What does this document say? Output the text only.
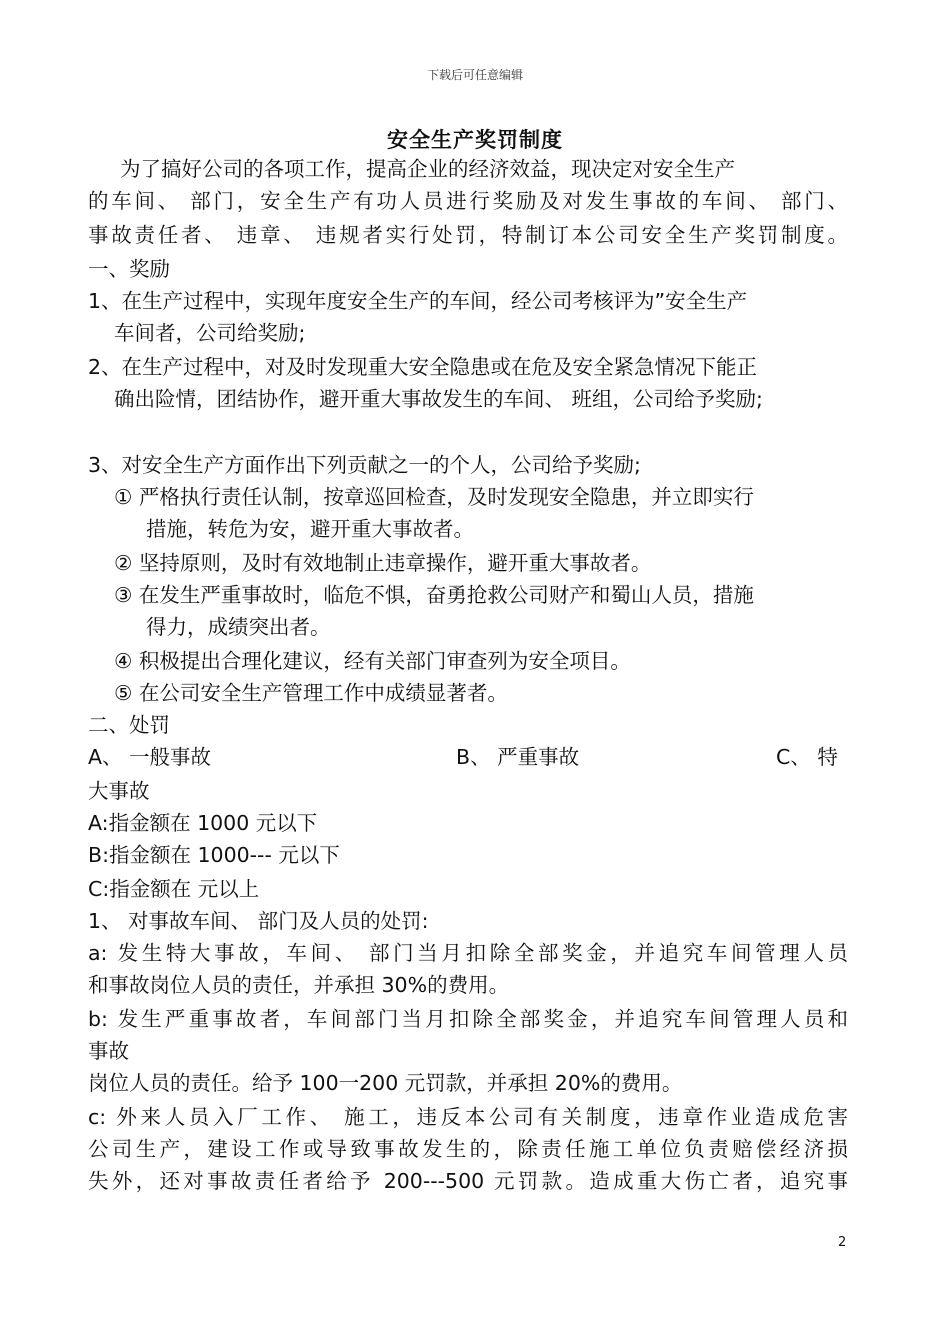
下载后可任意编辑
安全生产奖罚制度
为了搞好公司的各项工作，提高企业的经济效益，现决定对安全生产
的车间、 部门，安全生产有功人员进行奖励及对发生事故的车间、 部门、
事故责任者、 违章、 违规者实行处罚，特制订本公司安全生产奖罚制度。
一、奖励
1、在生产过程中，实现年度安全生产的车间，经公司考核评为”安全生产
车间者，公司给奖励;
2、在生产过程中，对及时发现重大安全隐患或在危及安全紧急情况下能正
确出险情，团结协作，避开重大事故发生的车间、 班组，公司给予奖励;
3、对安全生产方面作出下列贡献之一的个人，公司给予奖励;
① 严格执行责任认制，按章巡回检查，及时发现安全隐患，并立即实行
措施，转危为安，避开重大事故者。
② 坚持原则，及时有效地制止违章操作，避开重大事故者。
③ 在发生严重事故时，临危不惧，奋勇抢救公司财产和蜀山人员，措施
得力，成绩突出者。
④ 积极提出合理化建议，经有关部门审查列为安全项目。
⑤ 在公司安全生产管理工作中成绩显著者。
二、处罚
A、 一般事故	B、 严重事故	C、 特
大事故
A:指金额在 1000 元以下
B:指金额在 1000--- 元以下
C:指金额在 元以上
1、 对事故车间、 部门及人员的处罚:
a: 发生特大事故，车间、 部门当月扣除全部奖金，并追究车间管理人员
和事故岗位人员的责任，并承担 30%的费用。
b: 发生严重事故者，车间部门当月扣除全部奖金，并追究车间管理人员和
事故
岗位人员的责任。给予 100一200 元罚款，并承担 20%的费用。
c: 外来人员入厂工作、 施工，违反本公司有关制度，违章作业造成危害
公司生产，建设工作或导致事故发生的，除责任施工单位负责赔偿经济损
失外，还对事故责任者给予 200---500 元罚款。造成重大伤亡者，追究事
2
